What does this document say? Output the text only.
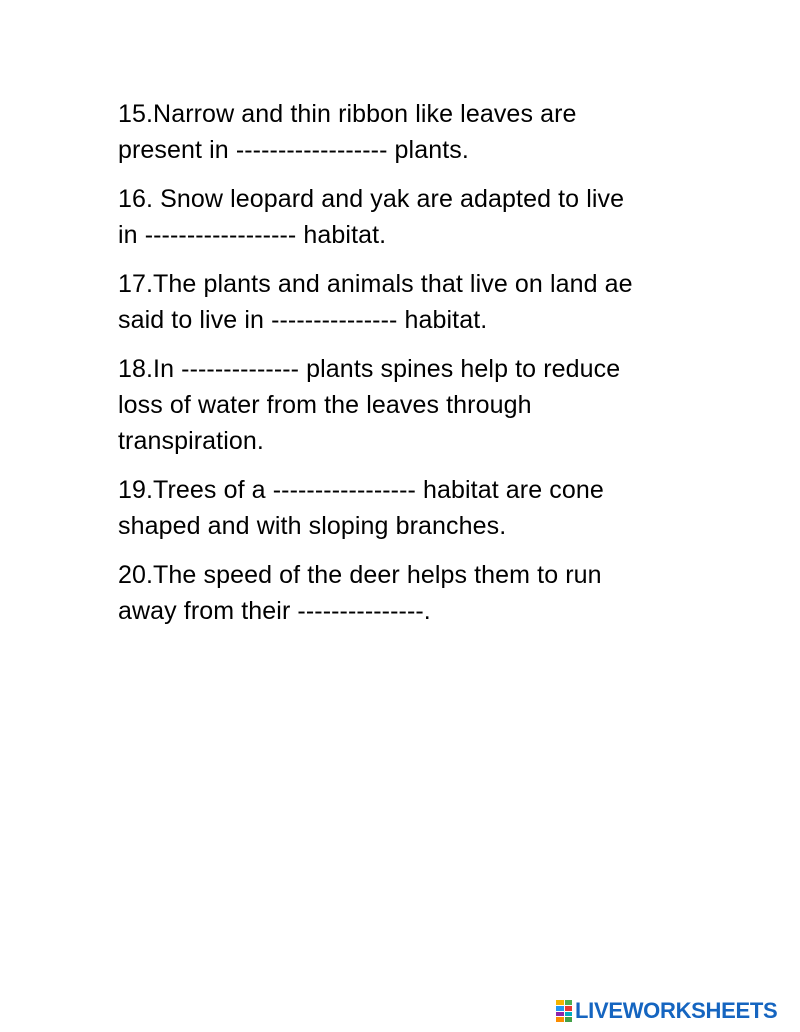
15.Narrow and thin ribbon like leaves are
present in ------------------ plants.

16. Snow leopard and yak are adapted to live
in ------------------ habitat.

17.The plants and animals that live on land ae
said to live in --------------- habitat.

18.In -------------- plants spines help to reduce
loss of water from the leaves through
transpiration.

19.Trees of a ----------------- habitat are cone
shaped and with sloping branches.

20.The speed of the deer helps them to run
away from their ---------------.

LIVEWORKSHEETS
